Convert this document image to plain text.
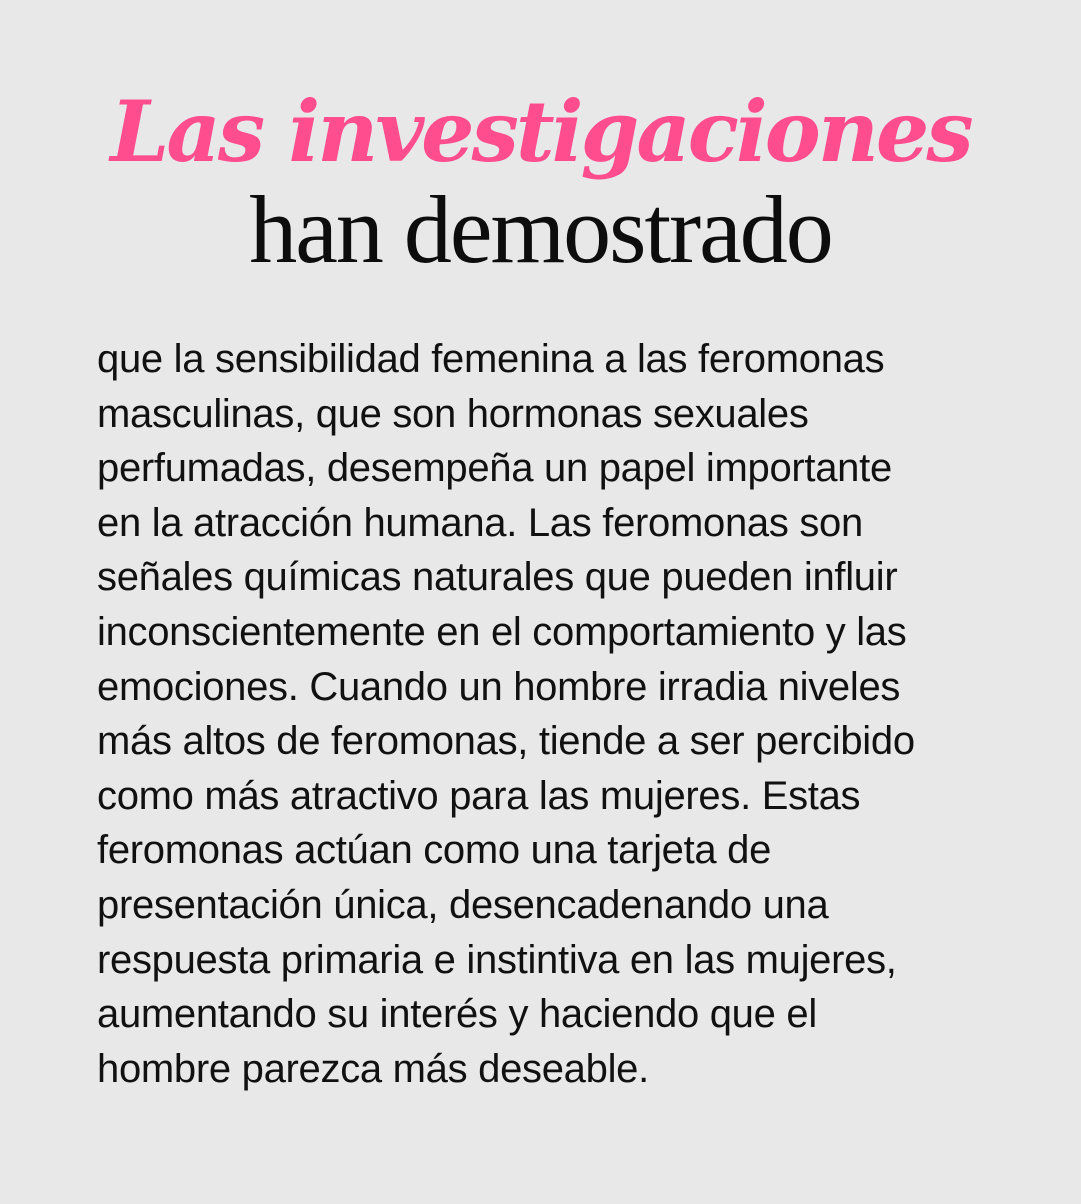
Las investigaciones
han demostrado

que la sensibilidad femenina a las feromonas
masculinas, que son hormonas sexuales
perfumadas, desempeña un papel importante
en la atracción humana. Las feromonas son
señales químicas naturales que pueden influir
inconscientemente en el comportamiento y las
emociones. Cuando un hombre irradia niveles
más altos de feromonas, tiende a ser percibido
como más atractivo para las mujeres. Estas
feromonas actúan como una tarjeta de
presentación única, desencadenando una
respuesta primaria e instintiva en las mujeres,
aumentando su interés y haciendo que el
hombre parezca más deseable.
